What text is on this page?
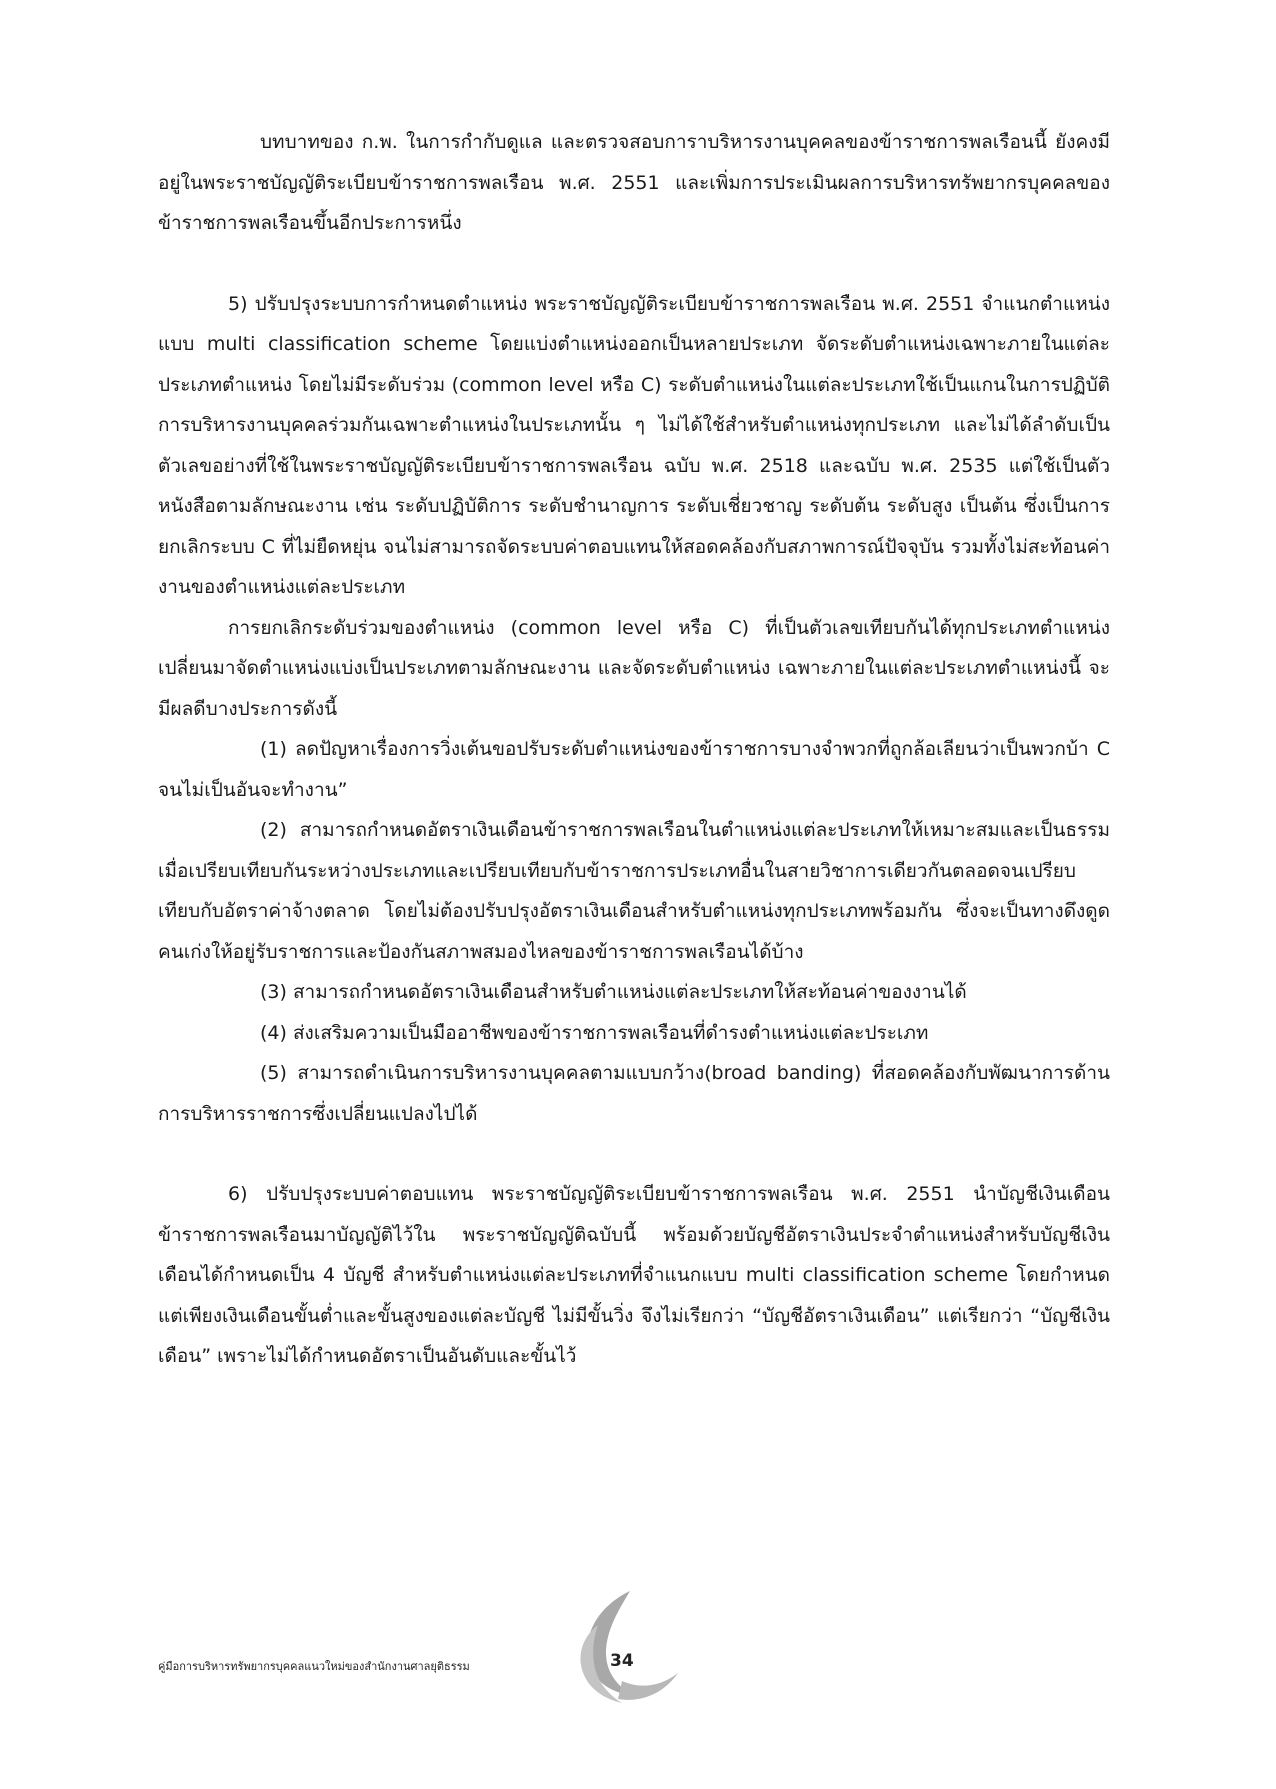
บทบาทของ ก.พ. ในการกำกับดูแล และตรวจสอบการาบริหารงานบุคคลของข้าราชการพลเรือนนี้ ยังคงมีอยู่ในพระราชบัญญัติระเบียบข้าราชการพลเรือน พ.ศ. 2551 และเพิ่มการประเมินผลการบริหารทรัพยากรบุคคลของข้าราชการพลเรือนขึ้นอีกประการหนึ่ง

5) ปรับปรุงระบบการกำหนดตำแหน่ง พระราชบัญญัติระเบียบข้าราชการพลเรือน พ.ศ. 2551 จำแนกตำแหน่งแบบ multi classification scheme โดยแบ่งตำแหน่งออกเป็นหลายประเภท จัดระดับตำแหน่งเฉพาะภายในแต่ละประเภทตำแหน่ง โดยไม่มีระดับร่วม (common level หรือ C) ระดับตำแหน่งในแต่ละประเภทใช้เป็นแกนในการปฏิบัติการบริหารงานบุคคลร่วมกันเฉพาะตำแหน่งในประเภทนั้น ๆ ไม่ได้ใช้สำหรับตำแหน่งทุกประเภท และไม่ได้ลำดับเป็นตัวเลขอย่างที่ใช้ในพระราชบัญญัติระเบียบข้าราชการพลเรือน ฉบับ พ.ศ. 2518 และฉบับ พ.ศ. 2535 แต่ใช้เป็นตัวหนังสือตามลักษณะงาน เช่น ระดับปฏิบัติการ ระดับชำนาญการ ระดับเชี่ยวชาญ ระดับต้น ระดับสูง เป็นต้น ซึ่งเป็นการยกเลิกระบบ C ที่ไม่ยืดหยุ่น จนไม่สามารถจัดระบบค่าตอบแทนให้สอดคล้องกับสภาพการณ์ปัจจุบัน รวมทั้งไม่สะท้อนค่างานของตำแหน่งแต่ละประเภท

การยกเลิกระดับร่วมของตำแหน่ง (common level หรือ C) ที่เป็นตัวเลขเทียบกันได้ทุกประเภทตำแหน่ง เปลี่ยนมาจัดตำแหน่งแบ่งเป็นประเภทตามลักษณะงาน และจัดระดับตำแหน่ง เฉพาะภายในแต่ละประเภทตำแหน่งนี้ จะมีผลดีบางประการดังนี้

(1) ลดปัญหาเรื่องการวิ่งเต้นขอปรับระดับตำแหน่งของข้าราชการบางจำพวกที่ถูกล้อเลียนว่าเป็นพวกบ้า C จนไม่เป็นอันจะทำงาน”

(2) สามารถกำหนดอัตราเงินเดือนข้าราชการพลเรือนในตำแหน่งแต่ละประเภทให้เหมาะสมและเป็นธรรม เมื่อเปรียบเทียบกันระหว่างประเภทและเปรียบเทียบกับข้าราชการประเภทอื่นในสายวิชาการเดียวกันตลอดจนเปรียบเทียบกับอัตราค่าจ้างตลาด โดยไม่ต้องปรับปรุงอัตราเงินเดือนสำหรับตำแหน่งทุกประเภทพร้อมกัน ซึ่งจะเป็นทางดึงดูดคนเก่งให้อยู่รับราชการและป้องกันสภาพสมองไหลของข้าราชการพลเรือนได้บ้าง

(3) สามารถกำหนดอัตราเงินเดือนสำหรับตำแหน่งแต่ละประเภทให้สะท้อนค่าของงานได้

(4) ส่งเสริมความเป็นมืออาชีพของข้าราชการพลเรือนที่ดำรงตำแหน่งแต่ละประเภท

(5) สามารถดำเนินการบริหารงานบุคคลตามแบบกว้าง(broad banding) ที่สอดคล้องกับพัฒนาการด้านการบริหารราชการซึ่งเปลี่ยนแปลงไปได้

6) ปรับปรุงระบบค่าตอบแทน พระราชบัญญัติระเบียบข้าราชการพลเรือน พ.ศ. 2551 นำบัญชีเงินเดือนข้าราชการพลเรือนมาบัญญัติไว้ใน พระราชบัญญัติฉบับนี้ พร้อมด้วยบัญชีอัตราเงินประจำตำแหน่งสำหรับบัญชีเงินเดือนได้กำหนดเป็น 4 บัญชี สำหรับตำแหน่งแต่ละประเภทที่จำแนกแบบ multi classification scheme โดยกำหนดแต่เพียงเงินเดือนขั้นต่ำและขั้นสูงของแต่ละบัญชี ไม่มีขั้นวิ่ง จึงไม่เรียกว่า “บัญชีอัตราเงินเดือน” แต่เรียกว่า “บัญชีเงินเดือน” เพราะไม่ได้กำหนดอัตราเป็นอันดับและขั้นไว้

คู่มือการบริหารทรัพยากรบุคคลแนวใหม่ของสำนักงานศาลยุติธรรม	34
